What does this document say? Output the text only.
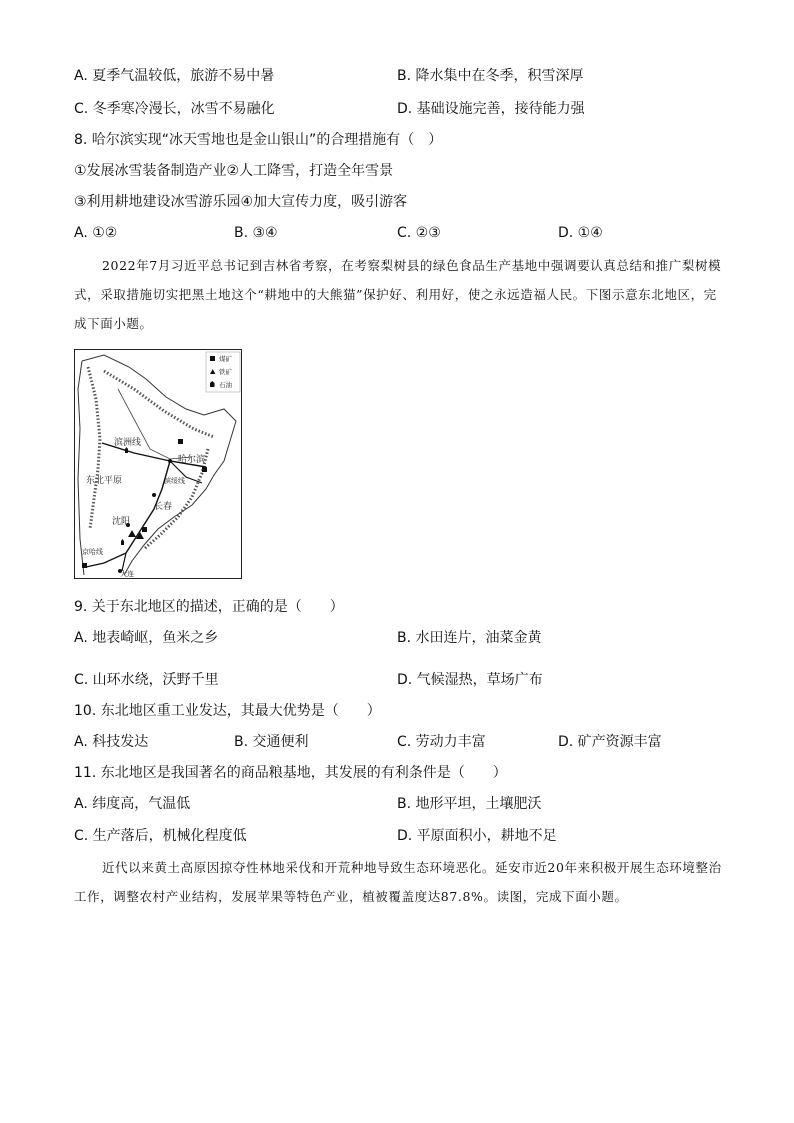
A. 夏季气温较低，旅游不易中暑	B. 降水集中在冬季，积雪深厚
C. 冬季寒冷漫长，冰雪不易融化	D. 基础设施完善，接待能力强
8. 哈尔滨实现“冰天雪地也是金山银山”的合理措施有（　）
①发展冰雪装备制造产业②人工降雪，打造全年雪景
③利用耕地建设冰雪游乐园④加大宣传力度，吸引游客
A. ①②	B. ③④	C. ②③	D. ①④
2022年7月习近平总书记到吉林省考察，在考察梨树县的绿色食品生产基地中强调要认真总结和推广梨树模式，采取措施切实把黑土地这个“耕地中的大熊猫”保护好、利用好，使之永远造福人民。下图示意东北地区，完成下面小题。
滨洲线
哈尔滨
东北平原	滨绥线
长春
沈阳
京哈线
大连
煤矿
铁矿
石油
9. 关于东北地区的描述，正确的是（　　）
A. 地表崎岖，鱼米之乡	B. 水田连片，油菜金黄
C. 山环水绕，沃野千里	D. 气候湿热，草场广布
10. 东北地区重工业发达，其最大优势是（　　）
A. 科技发达	B. 交通便利	C. 劳动力丰富	D. 矿产资源丰富
11. 东北地区是我国著名的商品粮基地，其发展的有利条件是（　　）
A. 纬度高，气温低	B. 地形平坦，土壤肥沃
C. 生产落后，机械化程度低	D. 平原面积小，耕地不足
近代以来黄土高原因掠夺性林地采伐和开荒种地导致生态环境恶化。延安市近20年来积极开展生态环境整治工作，调整农村产业结构，发展苹果等特色产业，植被覆盖度达87.8%。读图，完成下面小题。
